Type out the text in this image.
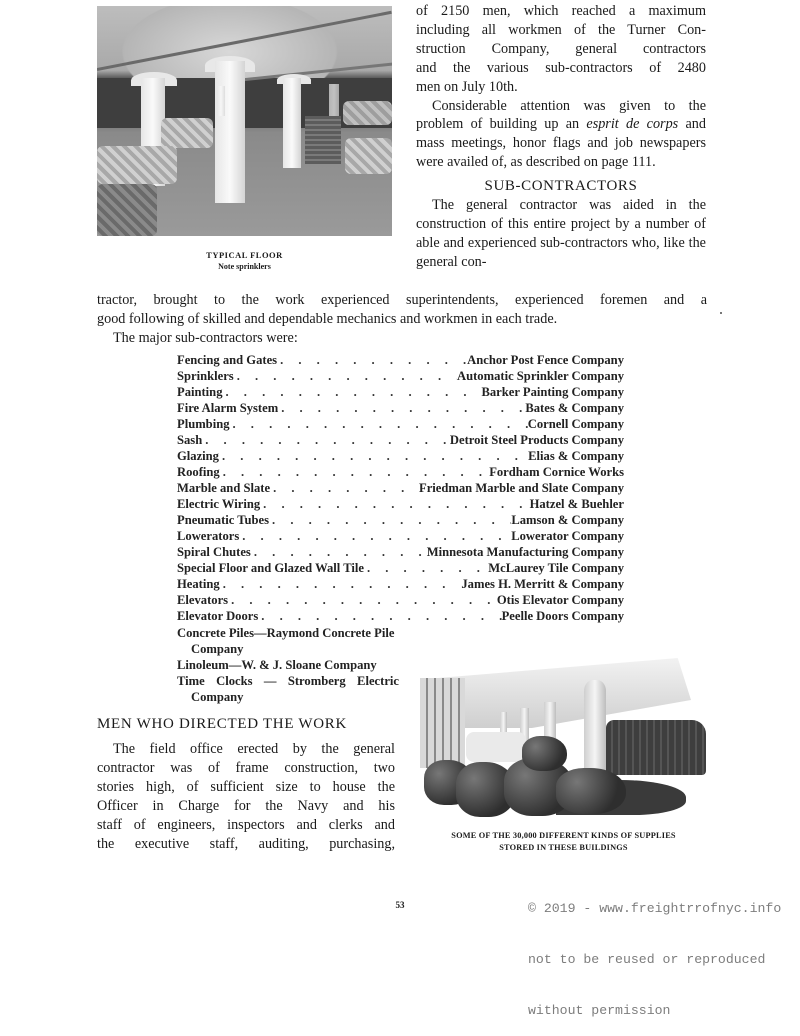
TYPICAL FLOOR
Note sprinklers

of 2150 men, which reached a maximum

including all workmen of the Turner Con-

struction Company, general contractors

and the various sub-contractors of 2480

men on July 10th.

Considerable attention was given to the problem of building up an esprit de corps and mass meetings, honor flags and job newspapers were availed of, as described on page 111.

SUB-CONTRACTORS

The general contractor was aided in the construction of this entire project by a number of able and experienced sub-contractors who, like the general con-

tractor, brought to the work experienced superintendents, experienced foremen and a

good following of skilled and dependable mechanics and workmen in each trade.

The major sub-contractors were:

Fencing and Gates . . .	Anchor Post Fence Company
Sprinklers . . .	Automatic Sprinkler Company
Painting . . .	Barker Painting Company
Fire Alarm System . . .	Bates & Company
Plumbing . . .	Cornell Company
Sash . . .	Detroit Steel Products Company
Glazing . . .	Elias & Company
Roofing . . .	Fordham Cornice Works
Marble and Slate . . .	Friedman Marble and Slate Company
Electric Wiring . . .	Hatzel & Buehler
Pneumatic Tubes . . .	Lamson & Company
Lowerators . . .	Lowerator Company
Spiral Chutes . . .	Minnesota Manufacturing Company
Special Floor and Glazed Wall Tile . . .	McLaurey Tile Company
Heating . . .	James H. Merritt & Company
Elevators . . .	Otis Elevator Company
Elevator Doors . . .	Peelle Doors Company

Concrete Piles—Raymond Concrete Pile Company

Linoleum—W. & J. Sloane Company

Time Clocks — Stromberg Electric Company

MEN WHO DIRECTED THE WORK

The field office erected by the general

contractor was of frame construction, two

stories high, of sufficient size to house the

Officer in Charge for the Navy and his

staff of engineers, inspectors and clerks and

the executive staff, auditing, purchasing,

SOME OF THE 30,000 DIFFERENT KINDS OF SUPPLIES
STORED IN THESE BUILDINGS

© 2019 - www.freightrrofnyc.info

not to be reused or reproduced

without permission

53
